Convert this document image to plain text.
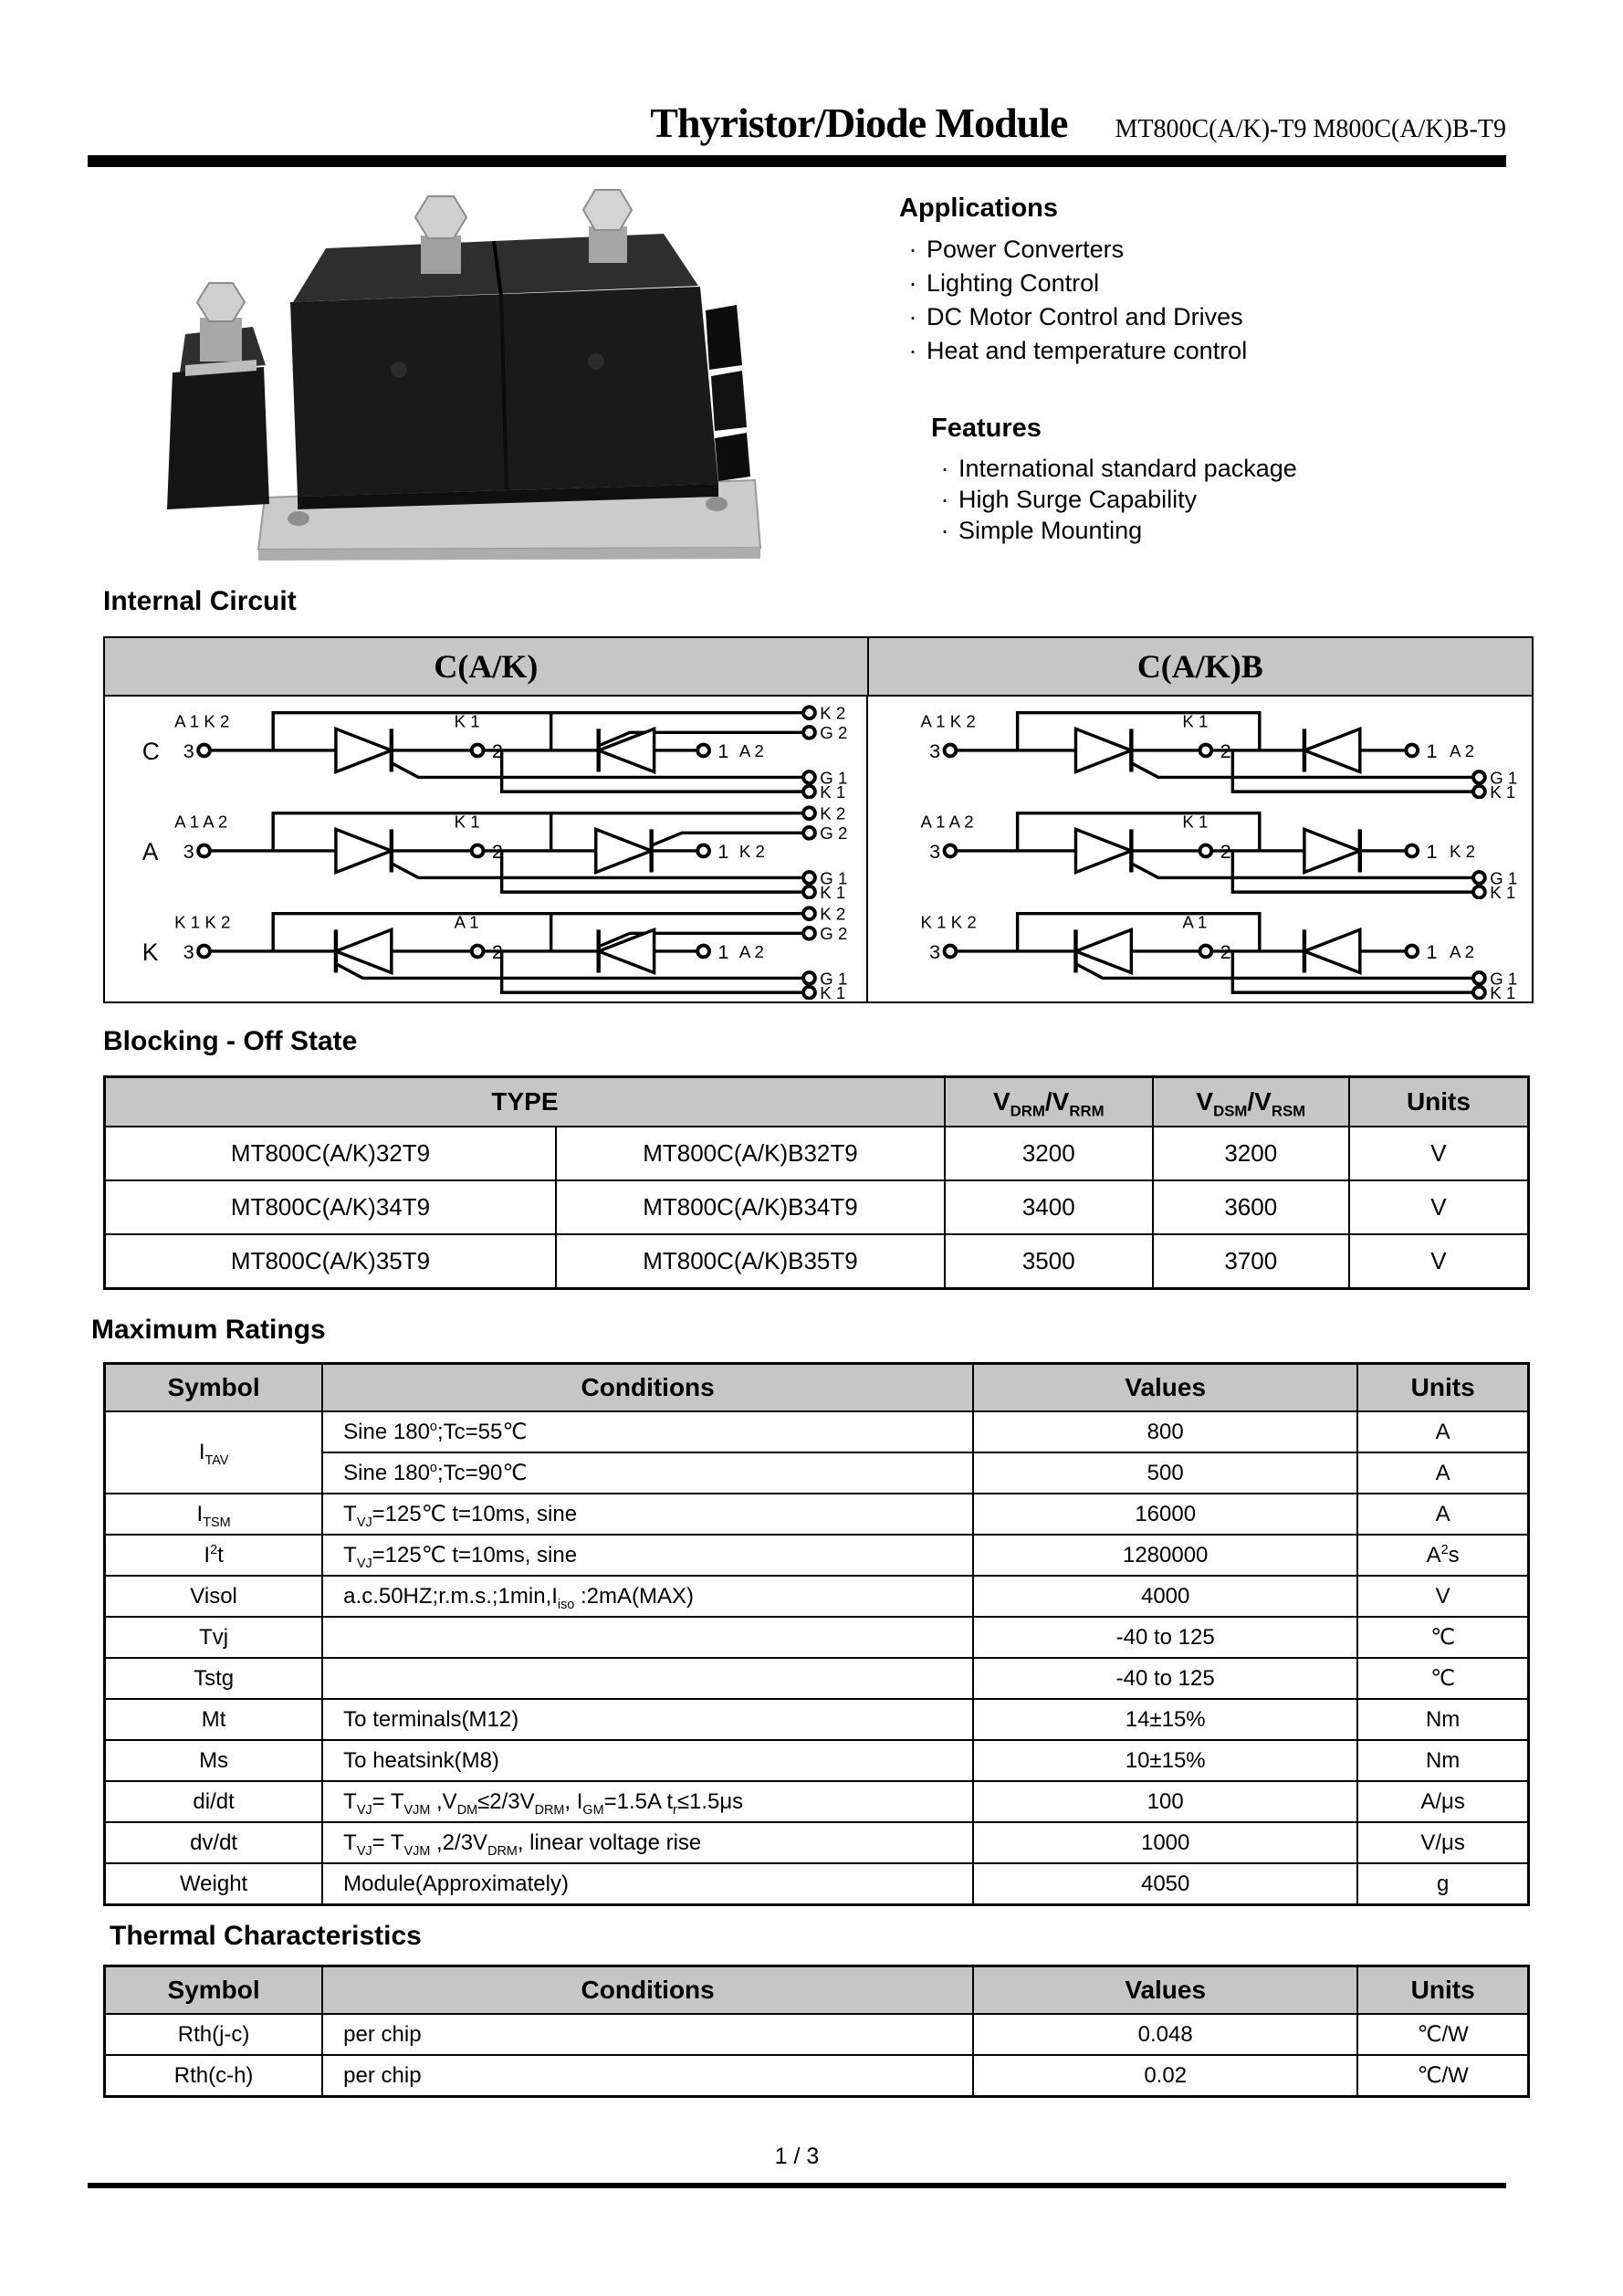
Thyristor/Diode Module MT800C(A/K)-T9 M800C(A/K)B-T9
Applications
· Power Converters
· Lighting Control
· DC Motor Control and Drives
· Heat and temperature control
Features
· International standard package
· High Surge Capability
· Simple Mounting
Internal Circuit
C(A/K)	C(A/K)B
C 3
A 1 K 2	K 1
2	1 A 2
K 2
G 2
G 1
K 1
A 3
A 1 A 2	K 1
2	1 K 2
K 2
G 2
G 1
K 1
K 3
K 1 K 2	A 1
2	1 A 2
K 2
G 2
G 1
K 1
3
A 1 K 2	K 1
2	1 A 2
G 1
K 1
3
A 1 A 2	K 1
2	1 K 2
G 1
K 1
3
K 1 K 2	A 1
2	1 A 2
G 1
K 1
Blocking - Off State
TYPE		$V_{DRM}/V_{RRM}$	$V_{DSM}/V_{RSM}$	Units
MT800C(A/K)32T9	MT800C(A/K)B32T9	3200	3200	V
MT800C(A/K)34T9	MT800C(A/K)B34T9	3400	3600	V
MT800C(A/K)35T9	MT800C(A/K)B35T9	3500	3700	V
Maximum Ratings
Symbol	Conditions	Values	Units
$I_{TAV}$	Sine $180^o;Tc=55℃$	800	A
	Sine $180^o;Tc=90℃$	500	A
$I_{TSM}$	$T_{VJ}=125℃$ t=10ms, sine	16000	A
$I^2t$	$T_{VJ}=125℃$ t=10ms, sine	1280000	$A^2s$
Visol	$a.c.50HZ;r.m.s.;1\min,I_{iso}$ :2mA(MAX)	4000	V
Tvj		-40 to 125	℃
Tstg		-40 to 125	℃
Mt	To terminals(M12)	14±15%	Nm
Ms	To heatsink(M8)	10±15%	Nm
di/dt	$T_{VJ}= T_{VJM}$ $,V_{DM}\le 2/3V_{DRM}$, $I_{GM}=1.5A$ $t_r\le 1.5\mu s$	100	A/μs
dv/dt	$T_{VJ}= T_{VJM}$ $,2/3V_{DRM}$, linear voltage rise	1000	V/μs
Weight	Module(Approximately)	4050	g
Thermal Characteristics
Symbol	Conditions	Values	Units
Rth(j-c)	per chip	0.048	℃/W
Rth(c-h)	per chip	0.02	℃/W
1 / 3
